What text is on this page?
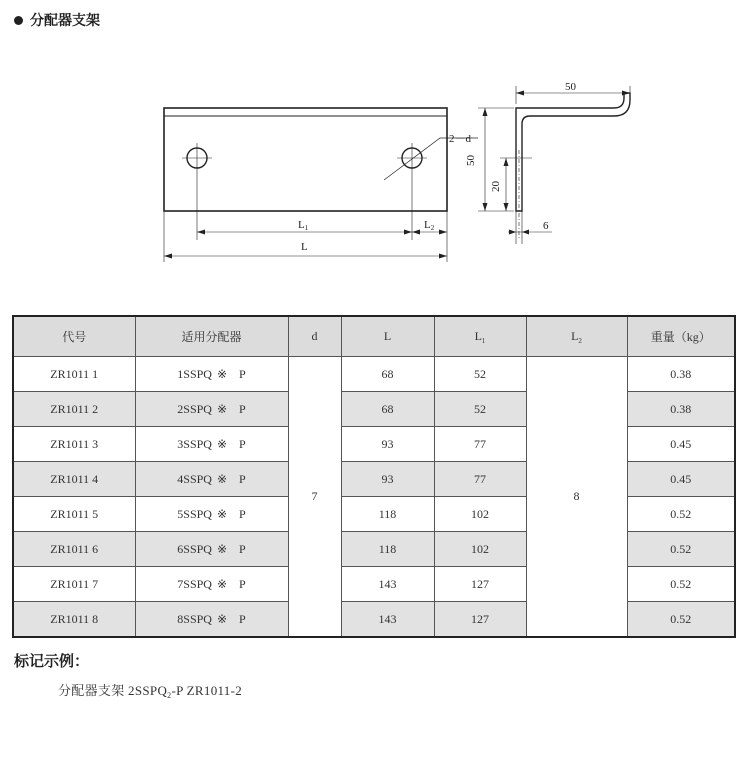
分配器支架
2－d
L1	L2
L
50
50
20
6
代号	适用分配器	d	L	$L_1$	$L_2$	重量（kg）
ZR1011 1	1SSPQ ※ P	7	68	52	8	0.38
ZR1011 2	2SSPQ ※ P		68	52		0.38
ZR1011 3	3SSPQ ※ P		93	77		0.45
ZR1011 4	4SSPQ ※ P		93	77		0.45
ZR1011 5	5SSPQ ※ P		118	102		0.52
ZR1011 6	6SSPQ ※ P		118	102		0.52
ZR1011 7	7SSPQ ※ P		143	127		0.52
ZR1011 8	8SSPQ ※ P		143	127		0.52
标记示例：
分配器支架 $2SSPQ_2-P$ ZR1011-2
